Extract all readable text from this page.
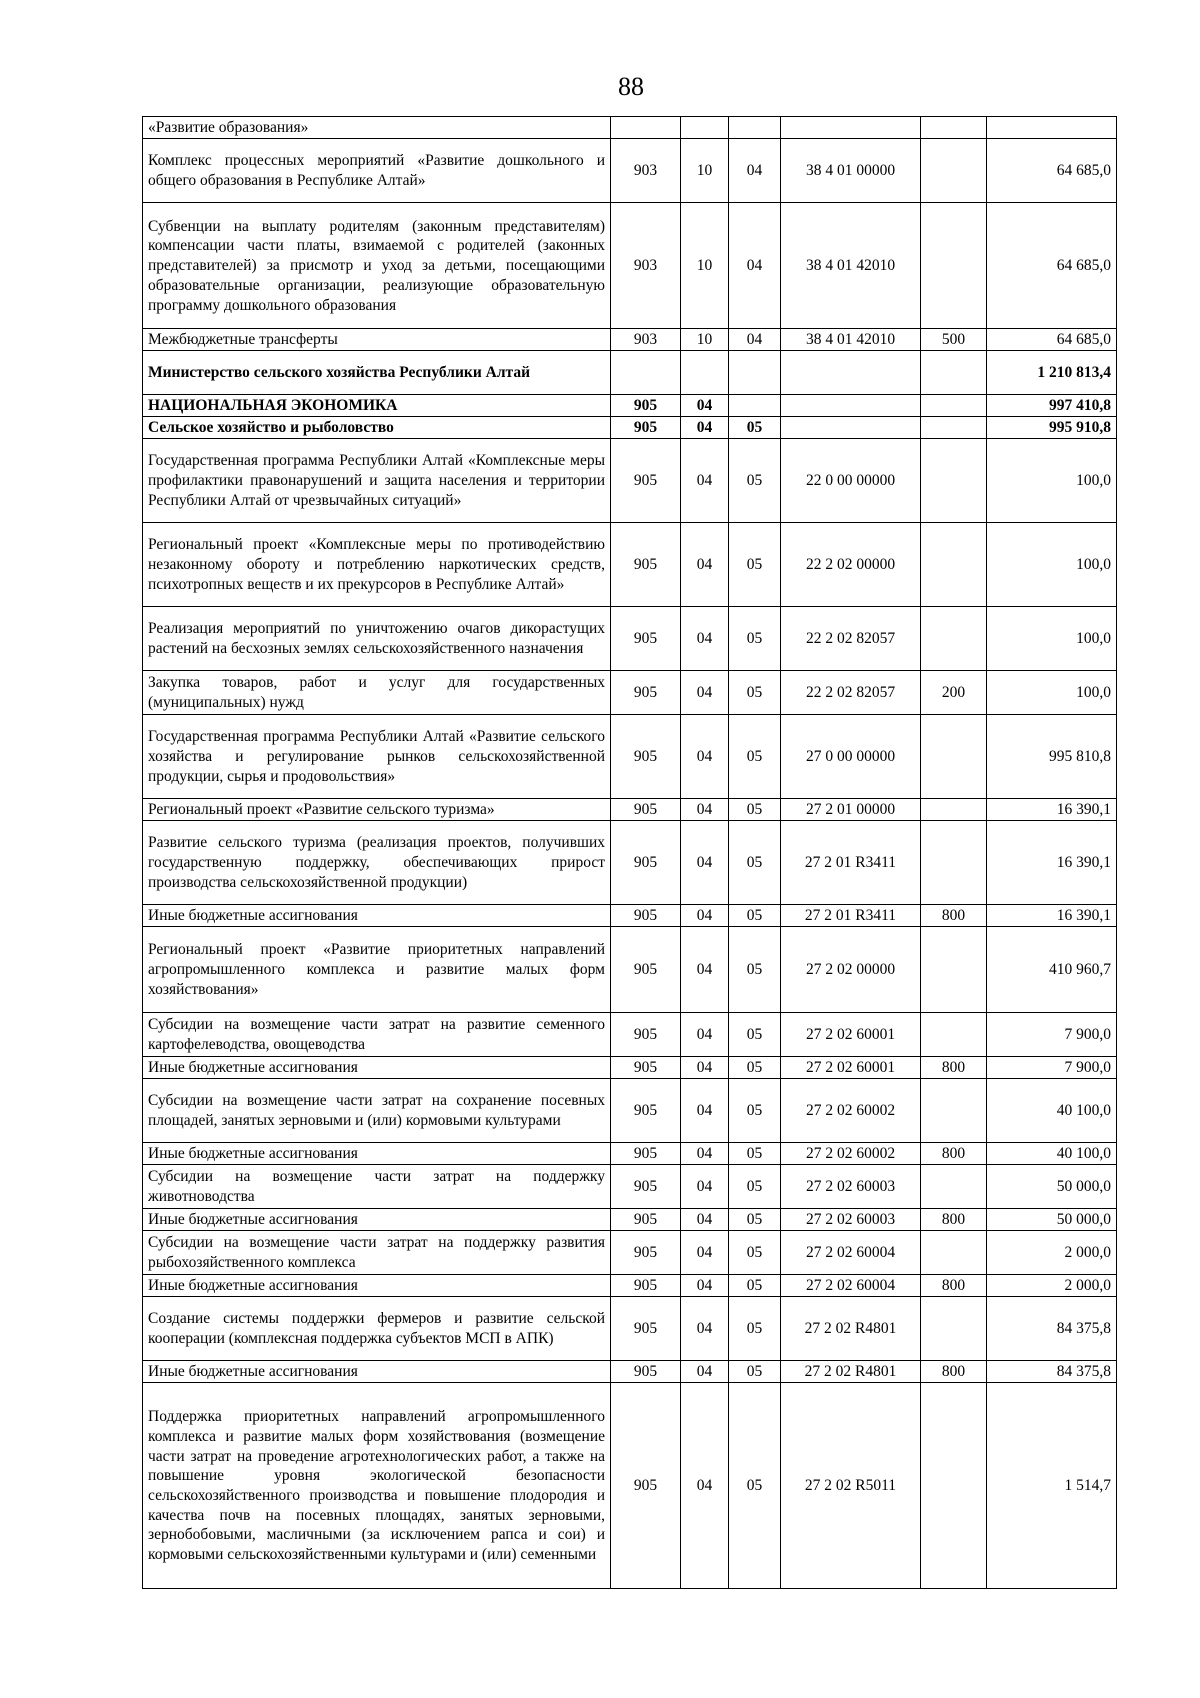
88
«Развитие образования»						
Комплекс процессных мероприятий «Развитие дошкольного и общего образования в Республике Алтай»	903	10	04	38 4 01 00000		64 685,0
Субвенции на выплату родителям (законным представителям) компенсации части платы, взимаемой с родителей (законных представителей) за присмотр и уход за детьми, посещающими образовательные организации, реализующие образовательную программу дошкольного образования	903	10	04	38 4 01 42010		64 685,0
Межбюджетные трансферты	903	10	04	38 4 01 42010	500	64 685,0
Министерство сельского хозяйства Республики Алтай						1 210 813,4
НАЦИОНАЛЬНАЯ ЭКОНОМИКА	905	04				997 410,8
Сельское хозяйство и рыболовство	905	04	05			995 910,8
Государственная программа Республики Алтай «Комплексные меры профилактики правонарушений и защита населения и территории Республики Алтай от чрезвычайных ситуаций»	905	04	05	22 0 00 00000		100,0
Региональный проект «Комплексные меры по противодействию незаконному обороту и потреблению наркотических средств, психотропных веществ и их прекурсоров в Республике Алтай»	905	04	05	22 2 02 00000		100,0
Реализация мероприятий по уничтожению очагов дикорастущих растений на бесхозных землях сельскохозяйственного назначения	905	04	05	22 2 02 82057		100,0
Закупка товаров, работ и услуг для государственных (муниципальных) нужд	905	04	05	22 2 02 82057	200	100,0
Государственная программа Республики Алтай «Развитие сельского хозяйства и регулирование рынков сельскохозяйственной продукции, сырья и продовольствия»	905	04	05	27 0 00 00000		995 810,8
Региональный проект «Развитие сельского туризма»	905	04	05	27 2 01 00000		16 390,1
Развитие сельского туризма (реализация проектов, получивших государственную поддержку, обеспечивающих прирост производства сельскохозяйственной продукции)	905	04	05	27 2 01 R3411		16 390,1
Иные бюджетные ассигнования	905	04	05	27 2 01 R3411	800	16 390,1
Региональный проект «Развитие приоритетных направлений агропромышленного комплекса и развитие малых форм хозяйствования»	905	04	05	27 2 02 00000		410 960,7
Субсидии на возмещение части затрат на развитие семенного картофелеводства, овощеводства	905	04	05	27 2 02 60001		7 900,0
Иные бюджетные ассигнования	905	04	05	27 2 02 60001	800	7 900,0
Субсидии на возмещение части затрат на сохранение посевных площадей, занятых зерновыми и (или) кормовыми культурами	905	04	05	27 2 02 60002		40 100,0
Иные бюджетные ассигнования	905	04	05	27 2 02 60002	800	40 100,0
Субсидии на возмещение части затрат на поддержку животноводства	905	04	05	27 2 02 60003		50 000,0
Иные бюджетные ассигнования	905	04	05	27 2 02 60003	800	50 000,0
Субсидии на возмещение части затрат на поддержку развития рыбохозяйственного комплекса	905	04	05	27 2 02 60004		2 000,0
Иные бюджетные ассигнования	905	04	05	27 2 02 60004	800	2 000,0
Создание системы поддержки фермеров и развитие сельской кооперации (комплексная поддержка субъектов МСП в АПК)	905	04	05	27 2 02 R4801		84 375,8
Иные бюджетные ассигнования	905	04	05	27 2 02 R4801	800	84 375,8
Поддержка приоритетных направлений агропромышленного комплекса и развитие малых форм хозяйствования (возмещение части затрат на проведение агротехнологических работ, а также на повышение уровня экологической безопасности сельскохозяйственного производства и повышение плодородия и качества почв на посевных площадях, занятых зерновыми, зернобобовыми, масличными (за исключением рапса и сои) и кормовыми сельскохозяйственными культурами и (или) семенными	905	04	05	27 2 02 R5011		1 514,7
